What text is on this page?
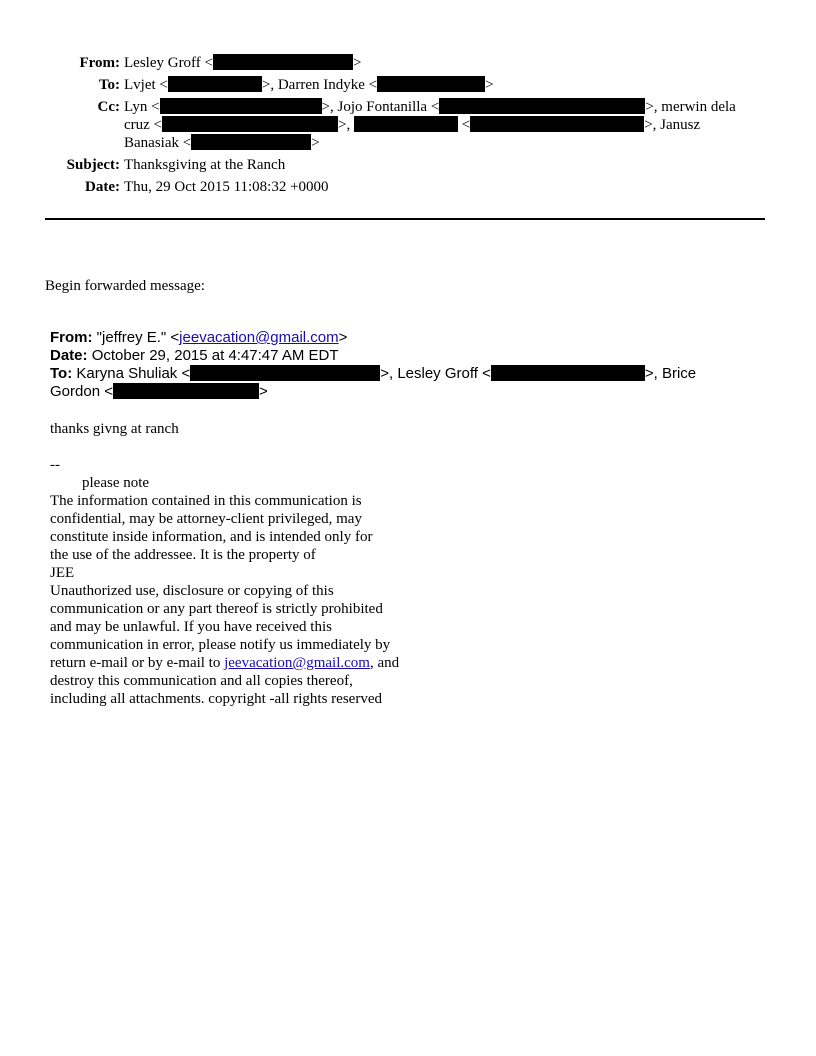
From: Lesley Groff <	>
To: Lvjet <	>, Darren Indyke <	>
Cc: Lyn <	>, Jojo Fontanilla <	>, merwin dela
cruz <	>,	<	>, Janusz
Banasiak <	>
Subject: Thanksgiving at the Ranch
Date: Thu, 29 Oct 2015 11:08:32 +0000
Begin forwarded message:
From: "jeffrey E." <jeevacation@gmail.com>
Date: October 29, 2015 at 4:47:47 AM EDT
To: Karyna Shuliak <	>, Lesley Groff <	>, Brice
Gordon <	>
thanks givng at ranch
--
please note
The information contained in this communication is
confidential, may be attorney-client privileged, may
constitute inside information, and is intended only for
the use of the addressee. It is the property of
JEE
Unauthorized use, disclosure or copying of this
communication or any part thereof is strictly prohibited
and may be unlawful. If you have received this
communication in error, please notify us immediately by
return e-mail or by e-mail to jeevacation@gmail.com, and
destroy this communication and all copies thereof,
including all attachments. copyright -all rights reserved
